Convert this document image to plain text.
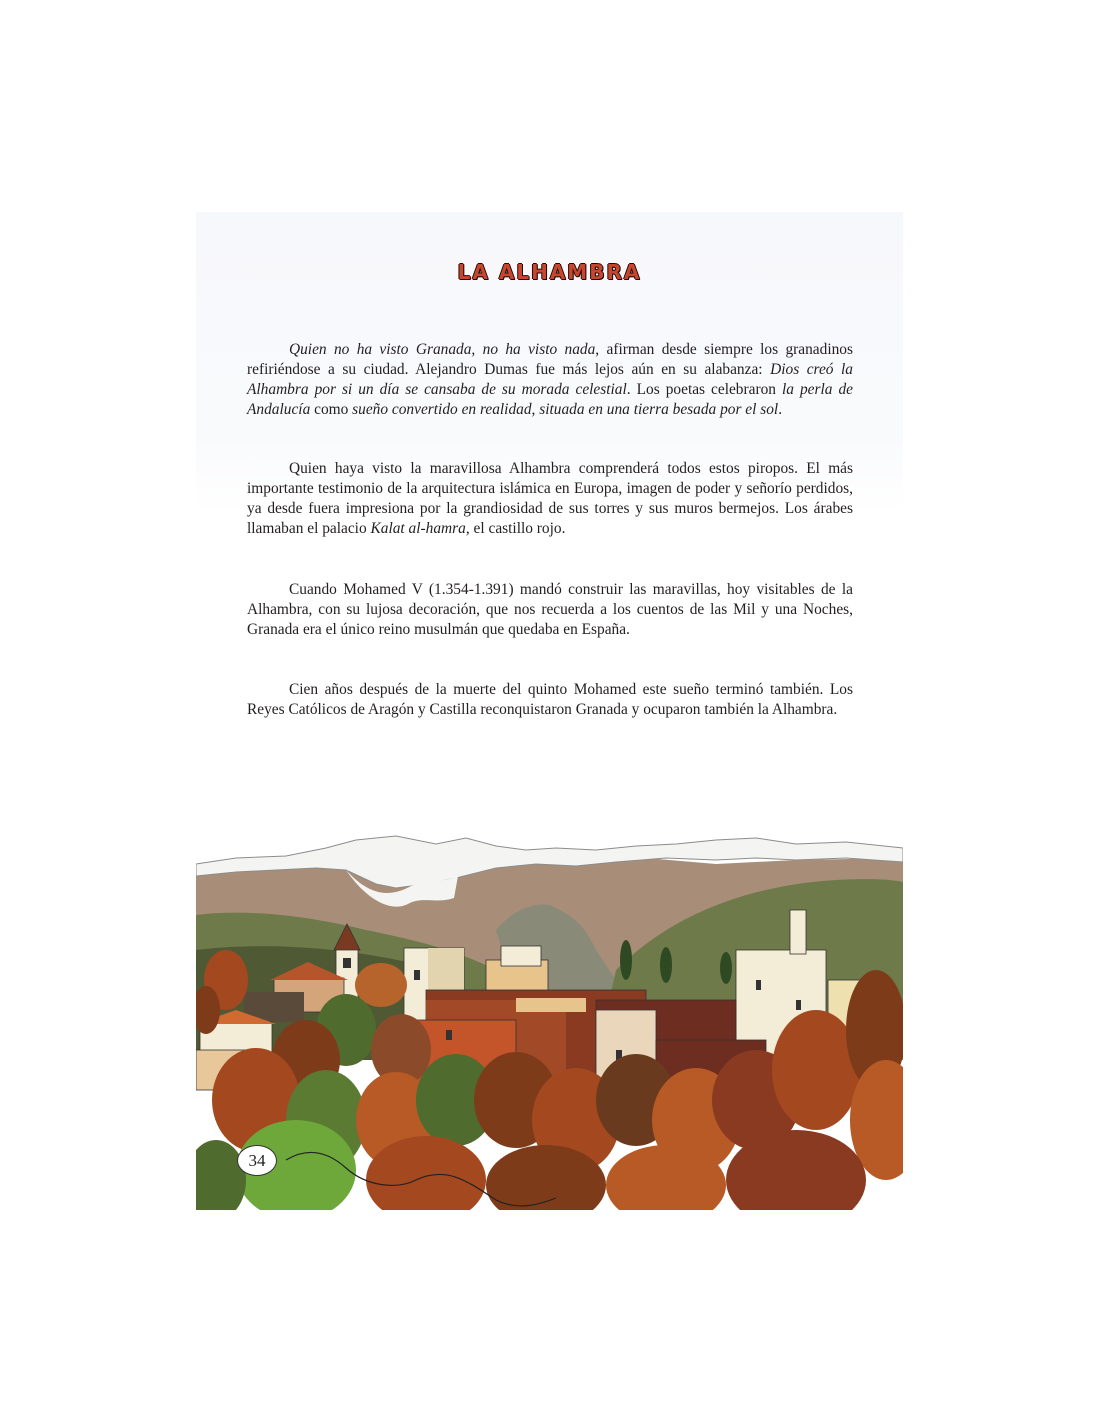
LA ALHAMBRA

Quien no ha visto Granada, no ha visto nada, afirman desde siempre los granadinos refiriéndose a su ciudad. Alejandro Dumas fue más lejos aún en su alabanza: Dios creó la Alhambra por si un día se cansaba de su morada celestial. Los poetas celebraron la perla de Andalucía como sueño convertido en realidad, situada en una tierra besada por el sol.

Quien haya visto la maravillosa Alhambra comprenderá todos estos piropos. El más importante testimonio de la arquitectura islámica en Europa, imagen de poder y señorío perdidos, ya desde fuera impresiona por la grandiosidad de sus torres y sus muros bermejos. Los árabes llamaban el palacio Kalat al-hamra, el castillo rojo.

Cuando Mohamed V (1.354-1.391) mandó construir las maravillas, hoy visitables de la Alhambra, con su lujosa decoración, que nos recuerda a los cuentos de las Mil y una Noches, Granada era el único reino musulmán que quedaba en España.

Cien años después de la muerte del quinto Mohamed este sueño terminó también. Los Reyes Católicos de Aragón y Castilla reconquistaron Granada y ocuparon también la Alhambra.

34
